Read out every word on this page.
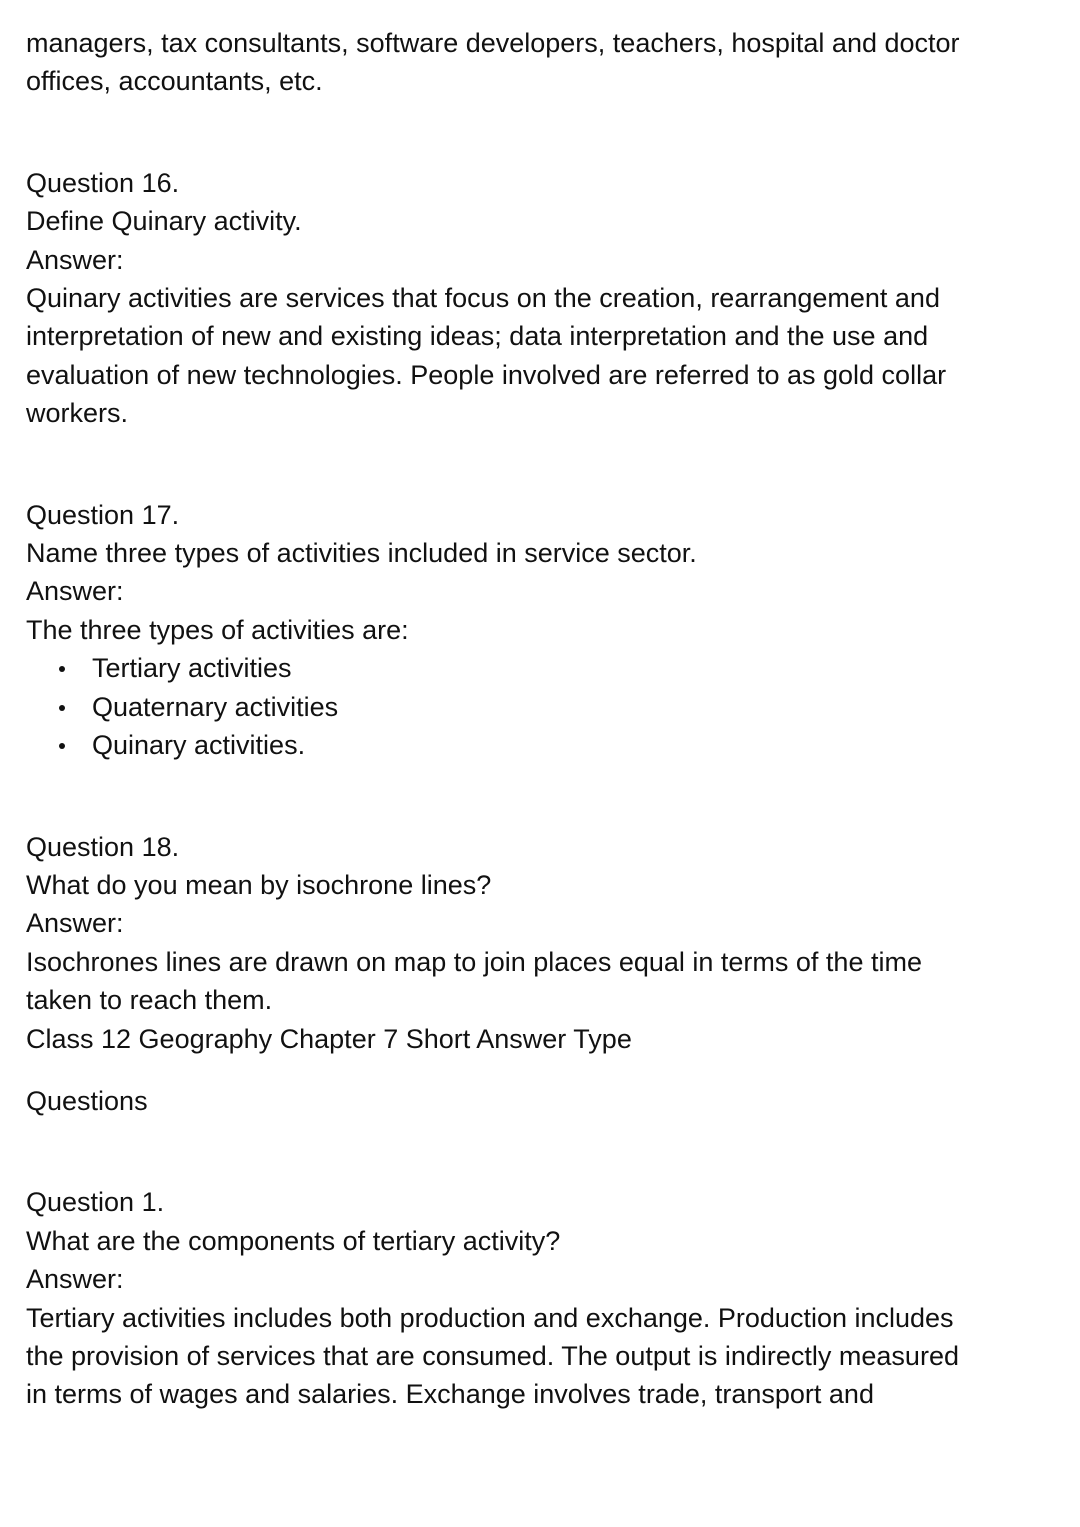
managers, tax consultants, software developers, teachers, hospital and doctor
offices, accountants, etc.
Question 16.
Define Quinary activity.
Answer:
Quinary activities are services that focus on the creation, rearrangement and
interpretation of new and existing ideas; data interpretation and the use and
evaluation of new technologies. People involved are referred to as gold collar
workers.
Question 17.
Name three types of activities included in service sector.
Answer:
The three types of activities are:
Tertiary activities
Quaternary activities
Quinary activities.
Question 18.
What do you mean by isochrone lines?
Answer:
Isochrones lines are drawn on map to join places equal in terms of the time
taken to reach them.
Class 12 Geography Chapter 7 Short Answer Type
Questions
Question 1.
What are the components of tertiary activity?
Answer:
Tertiary activities includes both production and exchange. Production includes
the provision of services that are consumed. The output is indirectly measured
in terms of wages and salaries. Exchange involves trade, transport and
